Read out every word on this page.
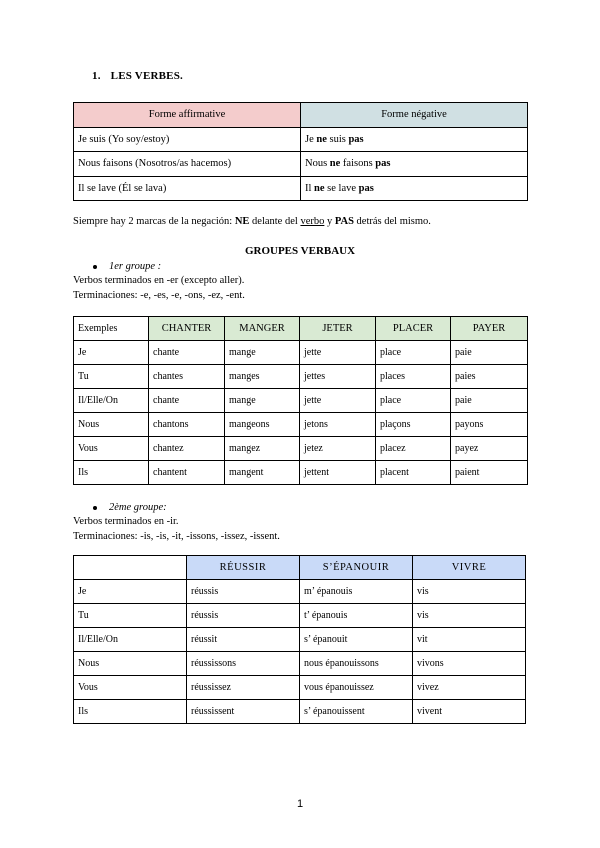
1. LES VERBES.
Forme affirmative	Forme négative
Je suis (Yo soy/estoy)	Je ne suis pas
Nous faisons (Nosotros/as hacemos)	Nous ne faisons pas
Il se lave (Él se lava)	Il ne se lave pas
Siempre hay 2 marcas de la negación: NE delante del verbo y PAS detrás del mismo.
GROUPES VERBAUX
1er groupe :
Verbos terminados en -er (excepto aller).
Terminaciones: -e, -es, -e, -ons, -ez, -ent.
Exemples	CHANTER	MANGER	JETER	PLACER	PAYER
Je	chante	mange	jette	place	paie
Tu	chantes	manges	jettes	places	paies
Il/Elle/On	chante	mange	jette	place	paie
Nous	chantons	mangeons	jetons	plaçons	payons
Vous	chantez	mangez	jetez	placez	payez
Ils	chantent	mangent	jettent	placent	paient
2ème groupe:
Verbos terminados en -ir.
Terminaciones: -is, -is, -it, -issons, -issez, -issent.
	RÉUSSIR	S’ÉPANOUIR	VIVRE
Je	réussis	m’ épanouis	vis
Tu	réussis	t’ épanouis	vis
Il/Elle/On	réussit	s’ épanouit	vit
Nous	réussissons	nous épanouissons	vivons
Vous	réussissez	vous épanouissez	vivez
Ils	réussissent	s’ épanouissent	vivent
1
